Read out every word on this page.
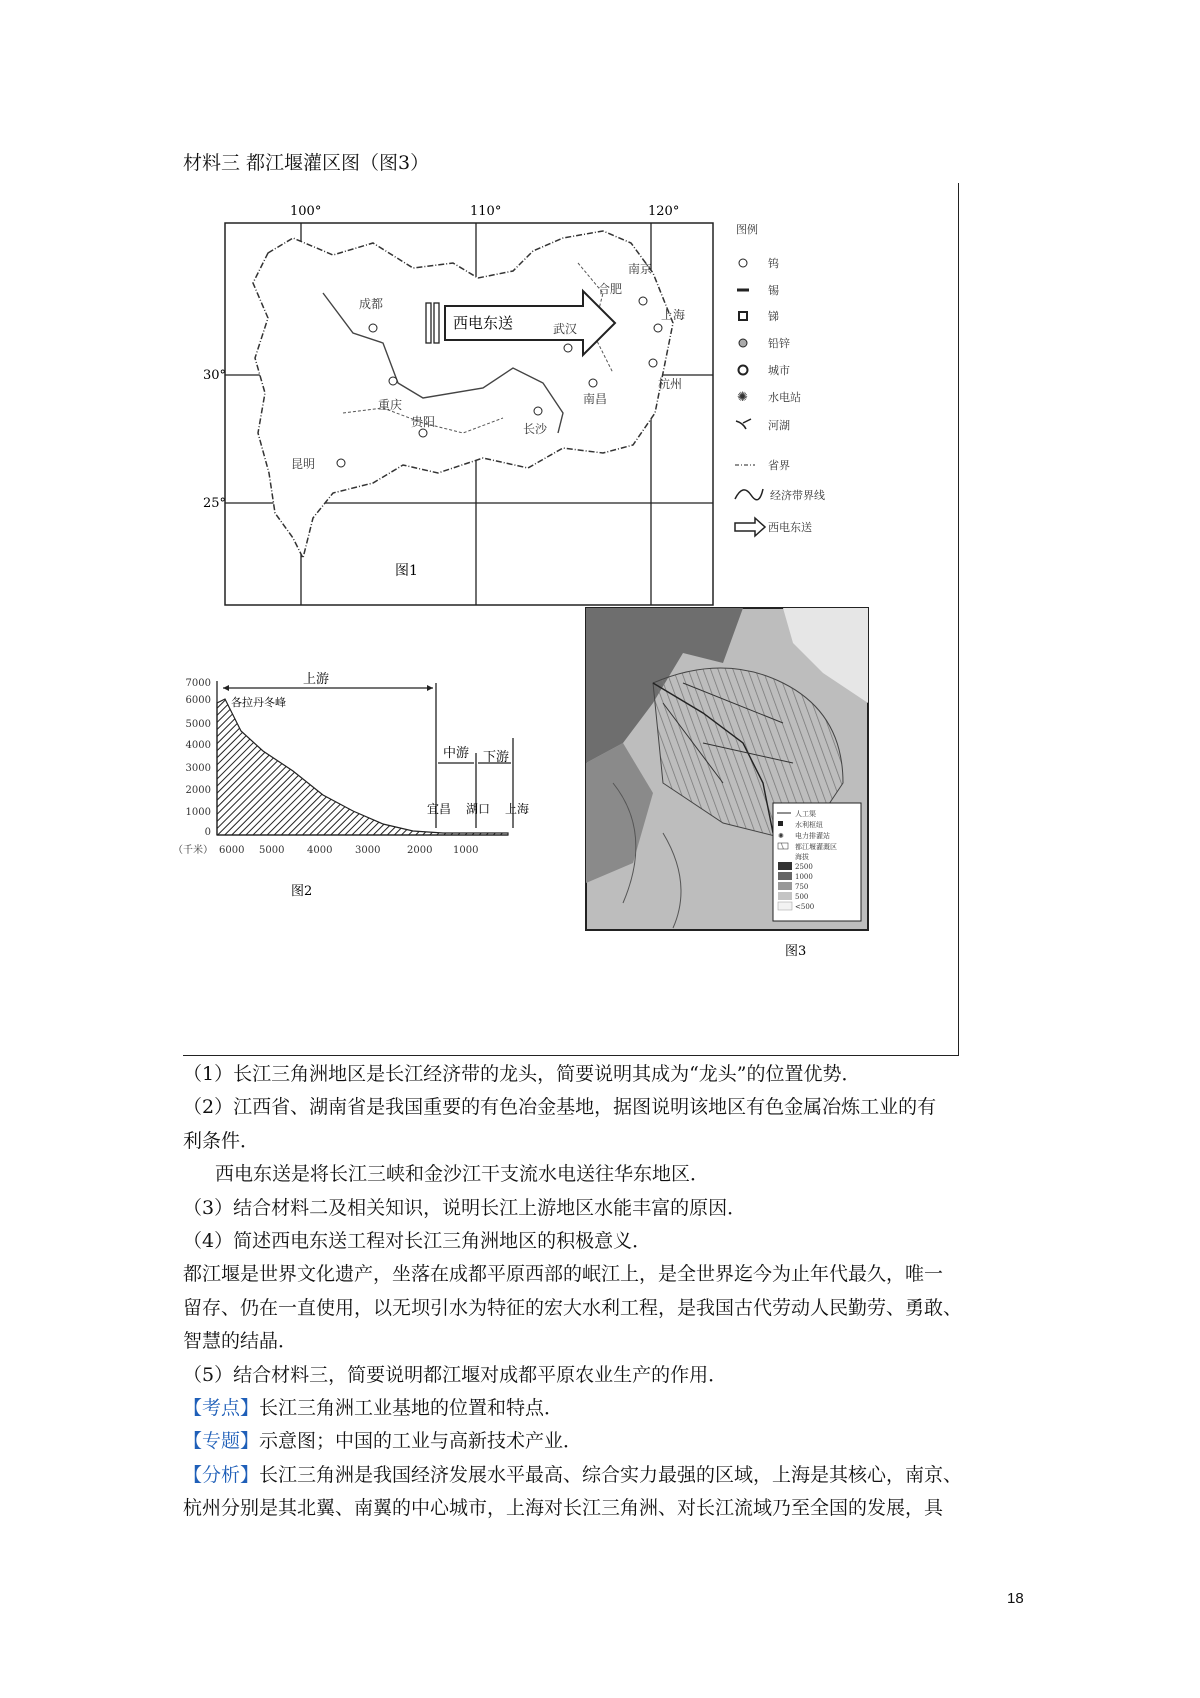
材料三 都江堰灌区图（图3）
100°	110°	120°
30°
25°
西电东送
成都
重庆
长沙
南昌
武汉
南京
上海
杭州
合肥
昆明
贵阳
图例
钨
锡
锑
铅锌
城市
✺ 水电站
河湖
省界
经济带界线
西电东送
图1
7000
6000
5000
4000
3000
2000
1000
0
（千米） 6000 5000 4000 3000	2000 1000
上游
各拉丹冬峰
中游 下游
宜昌 湖口 上海
图2
人工渠
水利枢纽
✺ 电力排灌站
都江堰灌溉区
海拔
2500
1000
750
500
<500
图3

（1）长江三角洲地区是长江经济带的龙头，简要说明其成为“龙头”的位置优势．

（2）江西省、湖南省是我国重要的有色冶金基地，据图说明该地区有色金属冶炼工业的有

利条件．

西电东送是将长江三峡和金沙江干支流水电送往华东地区．

（3）结合材料二及相关知识，说明长江上游地区水能丰富的原因．

（4）简述西电东送工程对长江三角洲地区的积极意义．

都江堰是世界文化遗产，坐落在成都平原西部的岷江上，是全世界迄今为止年代最久，唯一

留存、仍在一直使用，以无坝引水为特征的宏大水利工程，是我国古代劳动人民勤劳、勇敢、

智慧的结晶．

（5）结合材料三，简要说明都江堰对成都平原农业生产的作用．

【考点】长江三角洲工业基地的位置和特点．

【专题】示意图；中国的工业与高新技术产业．

【分析】长江三角洲是我国经济发展水平最高、综合实力最强的区域，上海是其核心，南京、

杭州分别是其北翼、南翼的中心城市，上海对长江三角洲、对长江流域乃至全国的发展，具

18
